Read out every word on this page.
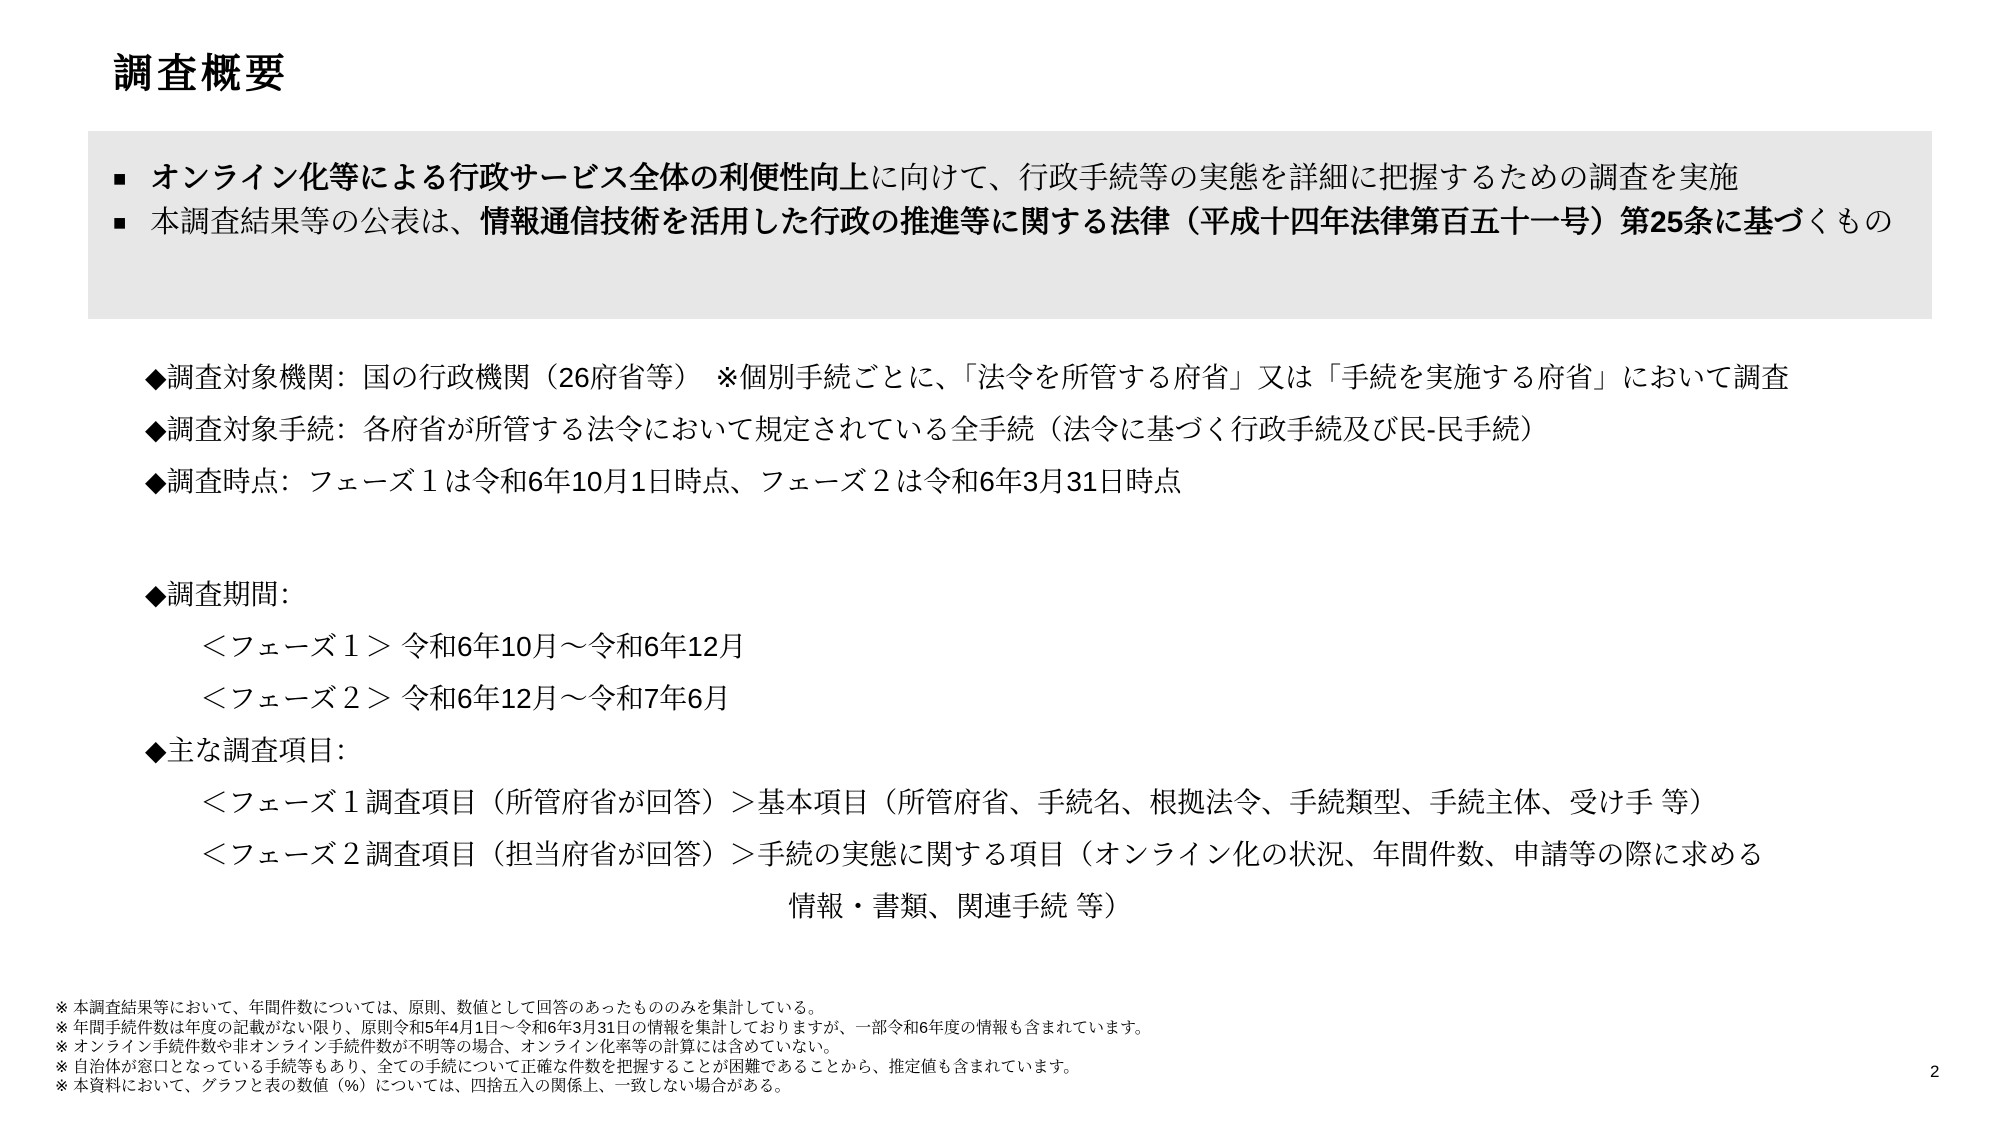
調査概要
■ オンライン化等による行政サービス全体の利便性向上に向けて、行政手続等の実態を詳細に把握するための調査を実施
■ 本調査結果等の公表は、情報通信技術を活用した行政の推進等に関する法律（平成十四年法律第百五十一号）第25条に基づくもの
◆調査対象機関：国の行政機関（26府省等）　※個別手続ごとに、「法令を所管する府省」又は「手続を実施する府省」において調査
◆調査対象手続：各府省が所管する法令において規定されている全手続（法令に基づく行政手続及び民-民手続）
◆調査時点：フェーズ１は令和6年10月1日時点、フェーズ２は令和6年3月31日時点
◆調査期間：
＜フェーズ１＞ 令和6年10月～令和6年12月
＜フェーズ２＞ 令和6年12月～令和7年6月
◆主な調査項目：
＜フェーズ１調査項目（所管府省が回答）＞基本項目（所管府省、手続名、根拠法令、手続類型、手続主体、受け手 等）
＜フェーズ２調査項目（担当府省が回答）＞手続の実態に関する項目（オンライン化の状況、年間件数、申請等の際に求める
情報・書類、関連手続 等）
※ 本調査結果等において、年間件数については、原則、数値として回答のあったもののみを集計している。
※ 年間手続件数は年度の記載がない限り、原則令和5年4月1日～令和6年3月31日の情報を集計しておりますが、一部令和6年度の情報も含まれています。
※ オンライン手続件数や非オンライン手続件数が不明等の場合、オンライン化率等の計算には含めていない。
※ 自治体が窓口となっている手続等もあり、全ての手続について正確な件数を把握することが困難であることから、推定値も含まれています。
※ 本資料において、グラフと表の数値（%）については、四捨五入の関係上、一致しない場合がある。
2
